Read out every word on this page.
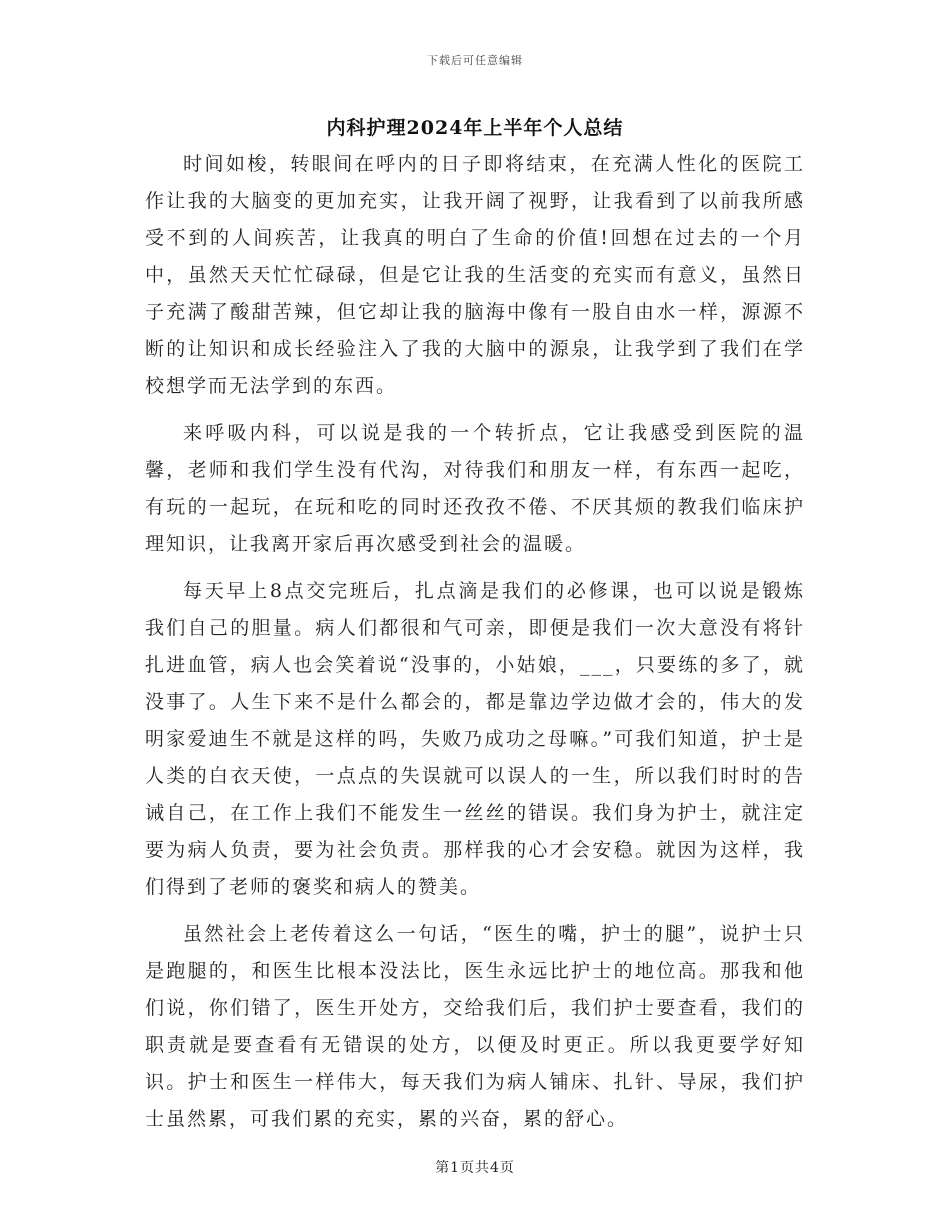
下载后可任意编辑
内科护理2024年上半年个人总结

时间如梭，转眼间在呼内的日子即将结束，在充满人性化的医院工作让我的大脑变的更加充实，让我开阔了视野，让我看到了以前我所感受不到的人间疾苦，让我真的明白了生命的价值!回想在过去的一个月中，虽然天天忙忙碌碌，但是它让我的生活变的充实而有意义，虽然日子充满了酸甜苦辣，但它却让我的脑海中像有一股自由水一样，源源不断的让知识和成长经验注入了我的大脑中的源泉，让我学到了我们在学校想学而无法学到的东西。

来呼吸内科，可以说是我的一个转折点，它让我感受到医院的温馨，老师和我们学生没有代沟，对待我们和朋友一样，有东西一起吃，有玩的一起玩，在玩和吃的同时还孜孜不倦、不厌其烦的教我们临床护理知识，让我离开家后再次感受到社会的温暖。

每天早上8点交完班后，扎点滴是我们的必修课，也可以说是锻炼我们自己的胆量。病人们都很和气可亲，即便是我们一次大意没有将针扎进血管，病人也会笑着说“没事的，小姑娘，___，只要练的多了，就没事了。人生下来不是什么都会的，都是靠边学边做才会的，伟大的发明家爱迪生不就是这样的吗，失败乃成功之母嘛。”可我们知道，护士是人类的白衣天使，一点点的失误就可以误人的一生，所以我们时时的告诫自己，在工作上我们不能发生一丝丝的错误。我们身为护士，就注定要为病人负责，要为社会负责。那样我的心才会安稳。就因为这样，我们得到了老师的褒奖和病人的赞美。

虽然社会上老传着这么一句话，“医生的嘴，护士的腿”，说护士只是跑腿的，和医生比根本没法比，医生永远比护士的地位高。那我和他们说，你们错了，医生开处方，交给我们后，我们护士要查看，我们的职责就是要查看有无错误的处方，以便及时更正。所以我更要学好知识。护士和医生一样伟大，每天我们为病人铺床、扎针、导尿，我们护士虽然累，可我们累的充实，累的兴奋，累的舒心。

第1页共4页
